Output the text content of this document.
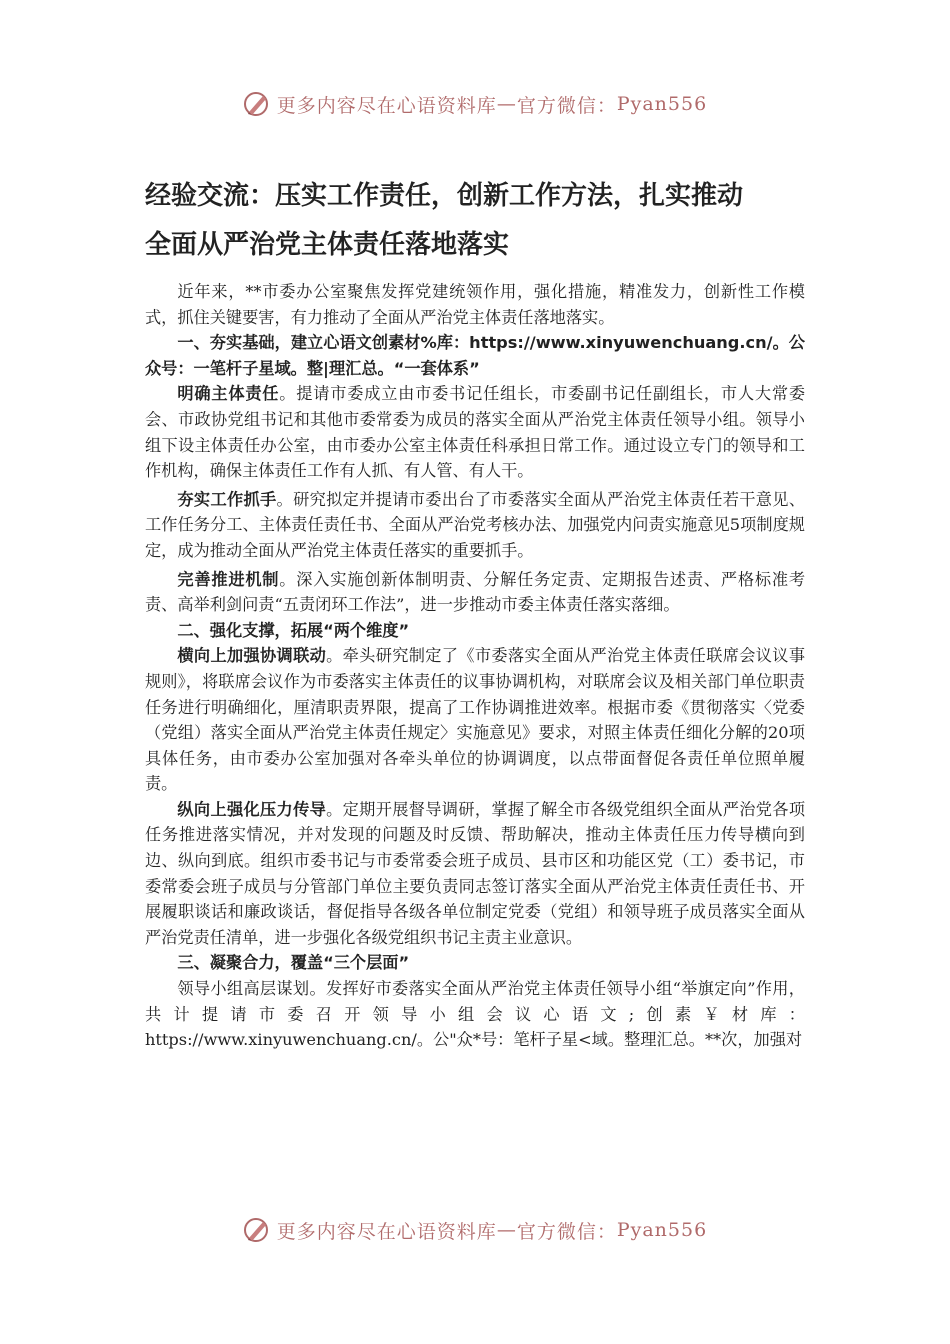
更多内容尽在心语资料库 — 官方微信： Pyan556
经验交流：压实工作责任，创新工作方法，扎实推动
全面从严治党主体责任落地落实

近年来，**市委办公室聚焦发挥党建统领作用，强化措施，精准发力，创新性工作模式，抓住关键要害，有力推动了全面从严治党主体责任落地落实。

一、夯实基础，建立心语文创素材%库：https://www.xinyuwenchuang.cn/。公众号：一笔杆子星域。整|理汇总。“一套体系”

明确主体责任。提请市委成立由市委书记任组长，市委副书记任副组长，市人大常委会、市政协党组书记和其他市委常委为成员的落实全面从严治党主体责任领导小组。领导小组下设主体责任办公室，由市委办公室主体责任科承担日常工作。通过设立专门的领导和工作机构，确保主体责任工作有人抓、有人管、有人干。

夯实工作抓手。研究拟定并提请市委出台了市委落实全面从严治党主体责任若干意见、工作任务分工、主体责任责任书、全面从严治党考核办法、加强党内问责实施意见5项制度规定，成为推动全面从严治党主体责任落实的重要抓手。

完善推进机制。深入实施创新体制明责、分解任务定责、定期报告述责、严格标准考责、高举利剑问责“五责闭环工作法”，进一步推动市委主体责任落实落细。

二、强化支撑，拓展“两个维度”

横向上加强协调联动。牵头研究制定了《市委落实全面从严治党主体责任联席会议议事规则》，将联席会议作为市委落实主体责任的议事协调机构，对联席会议及相关部门单位职责任务进行明确细化，厘清职责界限，提高了工作协调推进效率。根据市委《贯彻落实〈党委（党组）落实全面从严治党主体责任规定〉实施意见》要求，对照主体责任细化分解的20项具体任务，由市委办公室加强对各牵头单位的协调调度，以点带面督促各责任单位照单履责。

纵向上强化压力传导。定期开展督导调研，掌握了解全市各级党组织全面从严治党各项任务推进落实情况，并对发现的问题及时反馈、帮助解决，推动主体责任压力传导横向到边、纵向到底。组织市委书记与市委常委会班子成员、县市区和功能区党（工）委书记，市委常委会班子成员与分管部门单位主要负责同志签订落实全面从严治党主体责任责任书、开展履职谈话和廉政谈话，督促指导各级各单位制定党委（党组）和领导班子成员落实全面从严治党责任清单，进一步强化各级党组织书记主责主业意识。

三、凝聚合力，覆盖“三个层面”

领导小组高层谋划。发挥好市委落实全面从严治党主体责任领导小组“举旗定向”作用，共计提请市委召开领导小组会议心语文;创素￥材库：https://www.xinyuwenchuang.cn/。公"众*号：笔杆子星<域。整理汇总。**次，加强对

更多内容尽在心语资料库 — 官方微信： Pyan556
